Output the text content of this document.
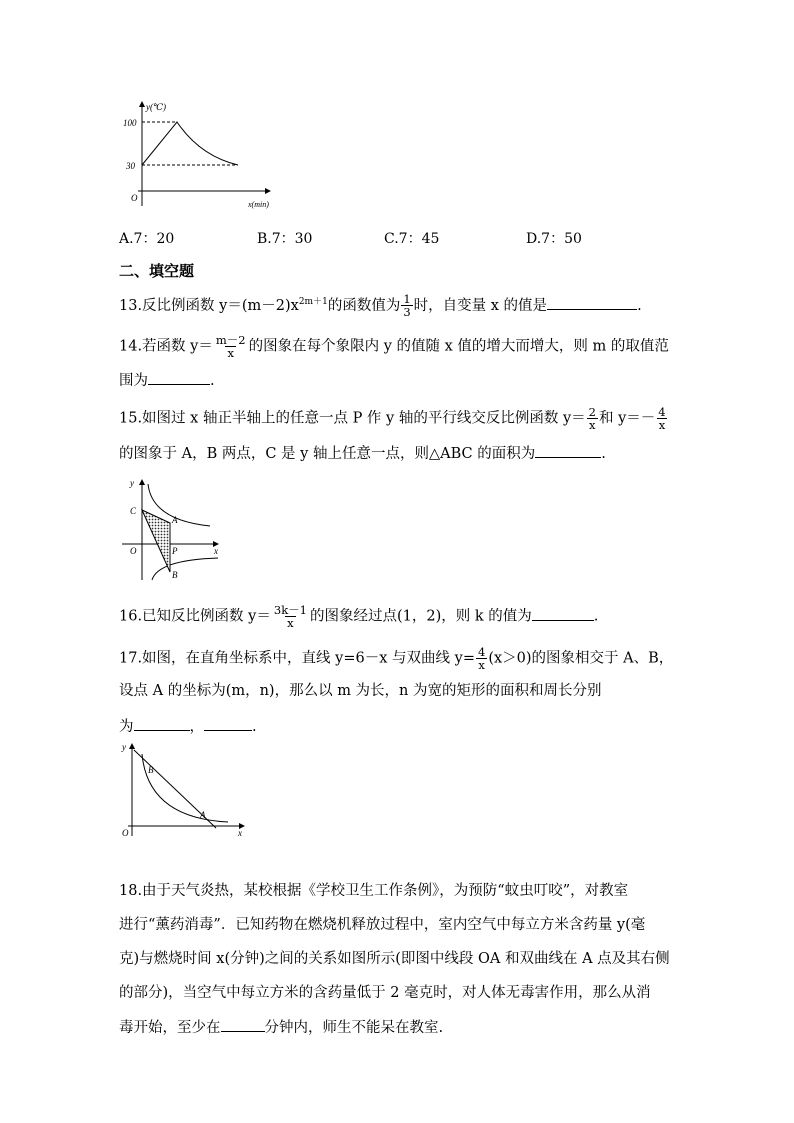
y(℃)
100
30
O
x(min)
A.7：20	B.7：30	C.7：45	D.7：50
二、填空题
13.反比例函数 $y=(m-2)x^{2m+1}$的函数值为 $\frac{1}{3}$ 时，自变量 x 的值是	.
14.若函数 $y= \frac{m-2}{x}$ 的图象在每个象限内 y 的值随 x 值的增大而增大，则 m 的取值范
围为	.
15.如图过 x 轴正半轴上的任意一点 P 作 y 轴的平行线交反比例函数 $y= \frac{2}{x}$ 和 $y=- \frac{4}{x}$
的图象于 A，B 两点，C 是 y 轴上任意一点，则△ABC 的面积为	.
y
x
O
C
A
P
B
16.已知反比例函数 $y= \frac{3k-1}{x}$ 的图象经过点(1，2)，则 k 的值为	.
17.如图，在直角坐标系中，直线 y=6－x 与双曲线 $y= \frac{4}{x} (x>0)$的图象相交于 A、B，
设点 A 的坐标为(m，n)，那么以 m 为长，n 为宽的矩形的面积和周长分别
为	，	.
y
x
O
B
A
18.由于天气炎热，某校根据《学校卫生工作条例》，为预防“蚊虫叮咬”，对教室
进行“薰药消毒”．已知药物在燃烧机释放过程中，室内空气中每立方米含药量 y(毫
克)与燃烧时间 x(分钟)之间的关系如图所示(即图中线段 OA 和双曲线在 A 点及其右侧
的部分)，当空气中每立方米的含药量低于 2 毫克时，对人体无毒害作用，那么从消
毒开始，至少在	分钟内，师生不能呆在教室.
